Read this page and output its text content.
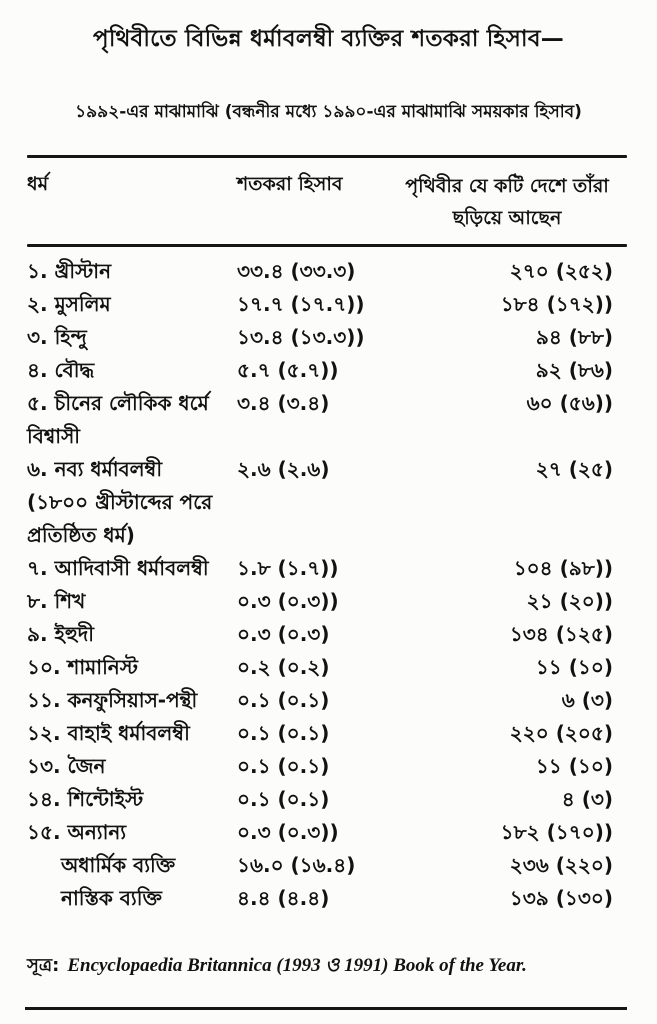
পৃথিবীতে বিভিন্ন ধর্মাবলম্বী ব্যক্তির শতকরা হিসাব—
১৯৯২-এর মাঝামাঝি (বন্ধনীর মধ্যে ১৯৯০-এর মাঝামাঝি সময়কার হিসাব)
ধর্ম	শতকরা হিসাব	পৃথিবীর যে কটি দেশে তাঁরা
ছড়িয়ে আছেন
১. খ্রীস্টান	৩৩.৪ (৩৩.৩)	২৭০ (২৫২)
২. মুসলিম	১৭.৭ (১৭.৭))	১৮৪ (১৭২))
৩. হিন্দু	১৩.৪ (১৩.৩))	৯৪ (৮৮)
৪. বৌদ্ধ	৫.৭ (৫.৭))	৯২ (৮৬)
৫. চীনের লৌকিক ধর্মে	৩.৪ (৩.৪)	৬০ (৫৬))
বিশ্বাসী
৬. নব্য ধর্মাবলম্বী	২.৬ (২.৬)	২৭ (২৫)
(১৮০০ খ্রীস্টাব্দের পরে
প্রতিষ্ঠিত ধর্ম)
৭. আদিবাসী ধর্মাবলম্বী	১.৮ (১.৭))	১০৪ (৯৮))
৮. শিখ	০.৩ (০.৩))	২১ (২০))
৯. ইহুদী	০.৩ (০.৩)	১৩৪ (১২৫)
১০. শামানিস্ট	০.২ (০.২)	১১ (১০)
১১. কনফুসিয়াস-পন্থী	০.১ (০.১)	৬ (৩)
১২. বাহাই ধর্মাবলম্বী	০.১ (০.১)	২২০ (২০৫)
১৩. জৈন	০.১ (০.১)	১১ (১০)
১৪. শিন্টোইস্ট	০.১ (০.১)	৪ (৩)
১৫. অন্যান্য	০.৩ (০.৩))	১৮২ (১৭০))
অধার্মিক ব্যক্তি	১৬.০ (১৬.৪)	২৩৬ (২২০)
নাস্তিক ব্যক্তি	৪.৪ (৪.৪)	১৩৯ (১৩০)
সূত্র: Encyclopaedia Britannica (1993 ও 1991) Book of the Year.
